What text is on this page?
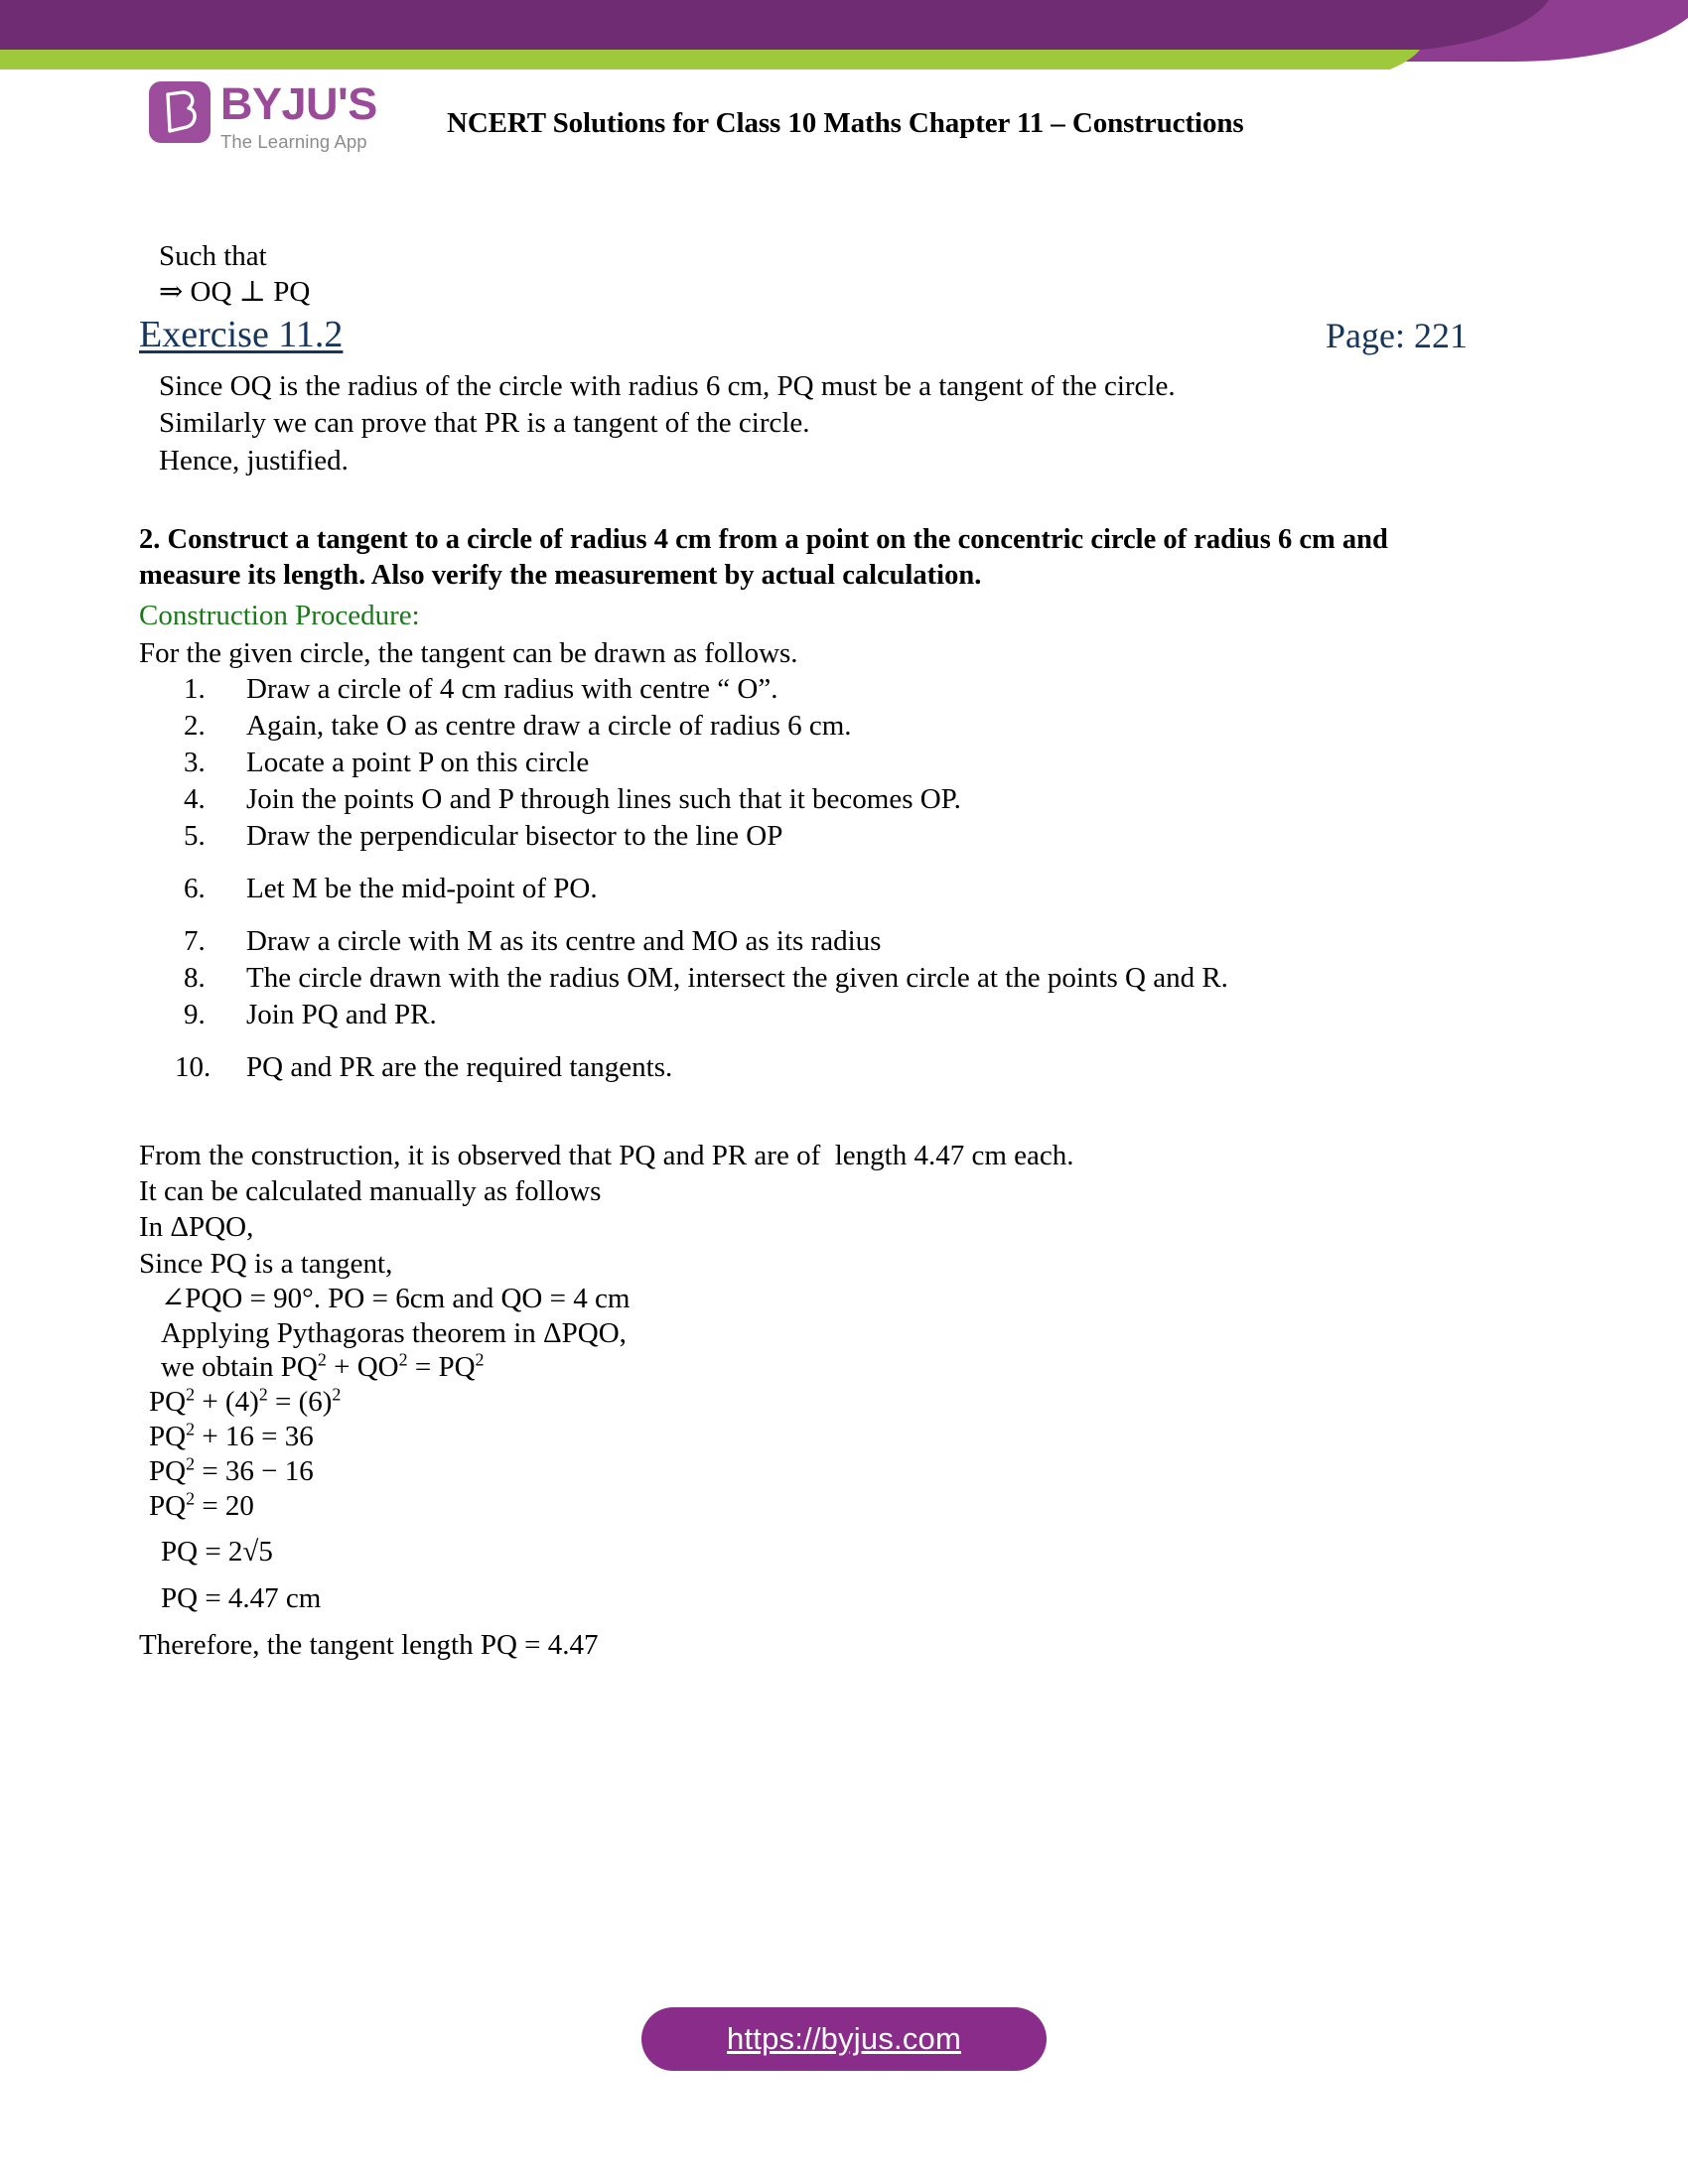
BYJU'S
The Learning App
NCERT Solutions for Class 10 Maths Chapter 11 – Constructions
Such that
⇒ OQ ⊥ PQ
Exercise 11.2	Page: 221
Since OQ is the radius of the circle with radius 6 cm, PQ must be a tangent of the circle.
Similarly we can prove that PR is a tangent of the circle.
Hence, justified.
2. Construct a tangent to a circle of radius 4 cm from a point on the concentric circle of radius 6 cm and measure its length. Also verify the measurement by actual calculation.
Construction Procedure:
For the given circle, the tangent can be drawn as follows.
1.	Draw a circle of 4 cm radius with centre “ O”.
2.	Again, take O as centre draw a circle of radius 6 cm.
3.	Locate a point P on this circle
4.	Join the points O and P through lines such that it becomes OP.
5.	Draw the perpendicular bisector to the line OP
6.	Let M be the mid-point of PO.
7.	Draw a circle with M as its centre and MO as its radius
8.	The circle drawn with the radius OM, intersect the given circle at the points Q and R.
9.	Join PQ and PR.
10.	PQ and PR are the required tangents.
From the construction, it is observed that PQ and PR are of  length 4.47 cm each.
It can be calculated manually as follows
In ΔPQO,
Since PQ is a tangent,
∠PQO = 90°. PO = 6cm and QO = 4 cm
Applying Pythagoras theorem in ΔPQO,
we obtain $PQ^2 + QO^2 = PQ^2$
$PQ^2 + (4)^2 = (6)^2$
$PQ^2 + 16 = 36$
$PQ^2 = 36 - 16$
$PQ^2 = 20$
PQ = 2√5
PQ = 4.47 cm
Therefore, the tangent length PQ = 4.47
https://byjus.com
